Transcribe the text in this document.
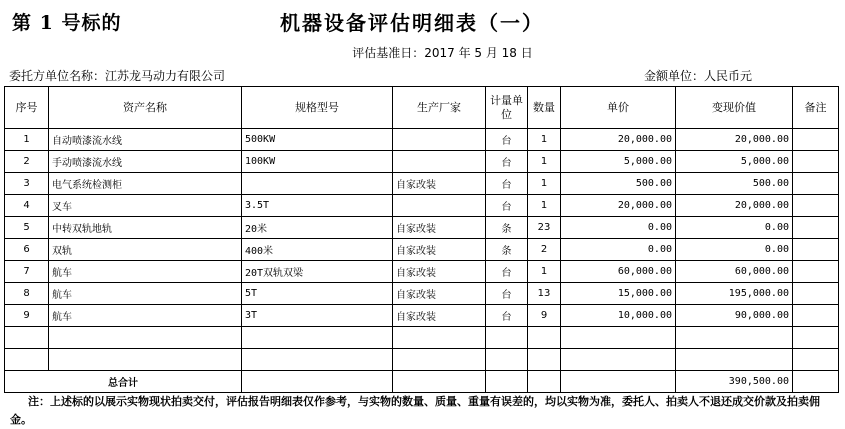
第 1 号标的	机器设备评估明细表（一）
评估基准日：2017 年 5 月 18 日
委托方单位名称：江苏龙马动力有限公司	金额单位：人民币元
序号	资产名称	规格型号	生产厂家	计量单位	数量	单价	变现价值	备注
1	自动喷漆流水线	500KW		台	1	20,000.00	20,000.00	
2	手动喷漆流水线	100KW		台	1	5,000.00	5,000.00	
3	电气系统检测柜		自家改装	台	1	500.00	500.00	
4	叉车	3.5T		台	1	20,000.00	20,000.00	
5	中转双轨地轨	20米	自家改装	条	23	0.00	0.00	
6	双轨	400米	自家改装	条	2	0.00	0.00	
7	航车	20T双轨双梁	自家改装	台	1	60,000.00	60,000.00	
8	航车	5T	自家改装	台	13	15,000.00	195,000.00	
9	航车	3T	自家改装	台	9	10,000.00	90,000.00	

总合计							390,500.00	
注：上述标的以展示实物现状拍卖交付，评估报告明细表仅作参考，与实物的数量、质量、重量有误差的，均以实物为准，委托人、拍卖人不退还成交价款及拍卖佣金。
